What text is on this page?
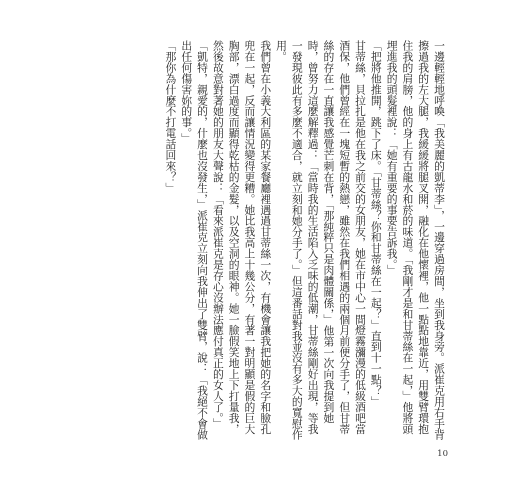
一邊輕輕地呼喚「我美麗的凱蒂李」，一邊穿過房間，坐到我身旁。派崔克用右手背擦過我的左大腿，我緩緩將腿叉開，融化在他懷裡，他一點點地靠近，用雙臂環抱住我的肩膀，他的身上有古龍水和菸的味道。「我剛才是和甘蒂絲在一起，」他將頭埋進我的頭髮裡說：「她有重要的事要告訴我。」

「把將他推開，跳下了床。「甘蒂絲？你和甘蒂絲在一起？」直到十一點？」

甘蒂絲，貝拉扎是他在我之前交的女朋友，她在市中心一間燈霧瀰漫的低級酒吧當酒保，他們曾經在一塊短暫的熱戀，雖然在我們相遇的兩個月前便分手了，但甘蒂絲的存在一直讓我感覺芒刺在背，「那純粹只是肉體關係，」他第一次向我提到她時，曾努力這麼解釋過：「當時我的生活陷入乏味的低潮，甘蒂絲剛好出現，等我一發現彼此有多麼不適合，就立刻和她分手了。」但這番話對我並沒有多大的寬慰作用。

我們曾在小義大利區的某家餐廳裡遇過甘蒂絲一次，有機會讓我把她的名字和臉孔兜在一起，反而讓情況變得更糟。她比我高上十幾公分，有著一對明顯是假的巨大胸部，漂白過度而顯得乾枯的金髮，以及空洞的眼神。她一臉假笑地上下打量我，然後故意對著她的朋友大聲說：「看來派崔克是存心沒辦法應付真正的女人了。」

「凱特，親愛的，什麼也沒發生，」派崔克立刻向我伸出了雙臂，說：「我絕不會做出任何傷害妳的事。」

「那你為什麼不打電話回來？」

10
